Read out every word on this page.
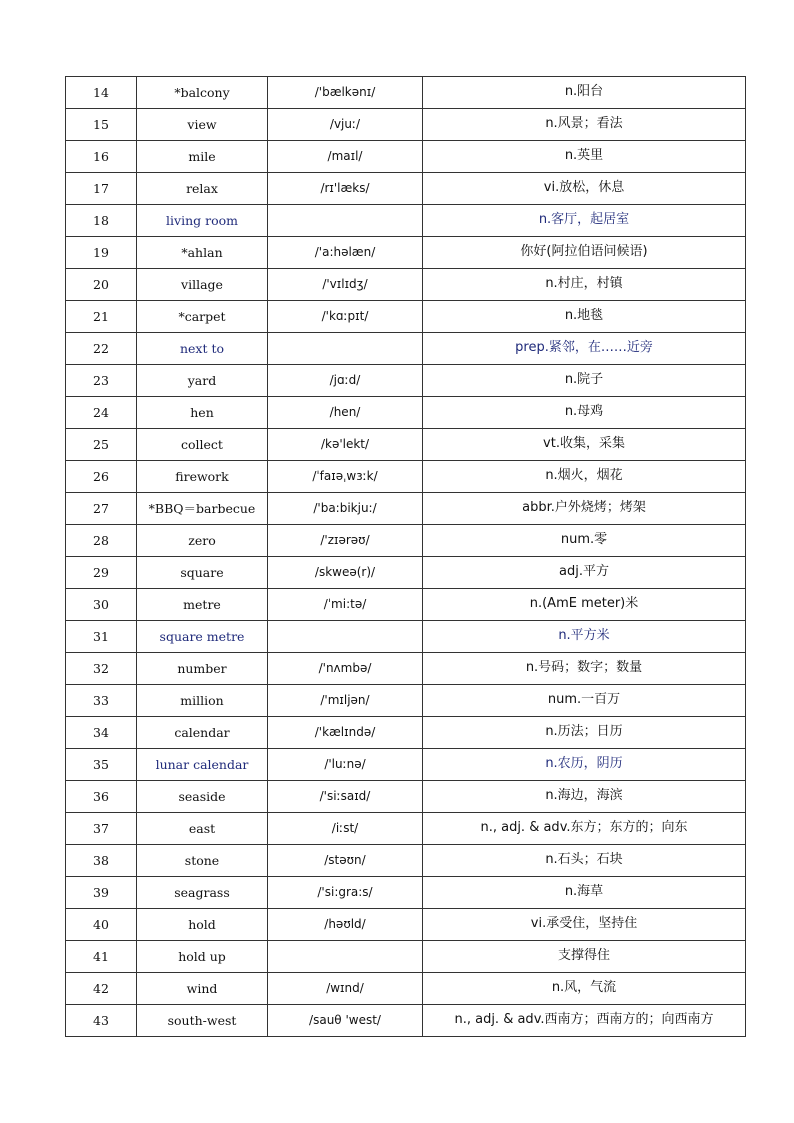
14	*balcony	/'bælkənɪ/	n.阳台
15	view	/vjuː/	n.风景；看法
16	mile	/maɪl/	n.英里
17	relax	/rɪ'læks/	vi.放松，休息
18	living room		n.客厅，起居室
19	*ahlan	/'a:həlæn/	你好(阿拉伯语问候语)
20	village	/'vɪlɪdʒ/	n.村庄，村镇
21	*carpet	/'kɑːpɪt/	n.地毯
22	next to		prep.紧邻，在……近旁
23	yard	/jɑːd/	n.院子
24	hen	/hen/	n.母鸡
25	collect	/kə'lekt/	vt.收集，采集
26	firework	/ˈfaɪəˌwɜːk/	n.烟火，烟花
27	*BBQ＝barbecue	/'ba:bikju:/	abbr.户外烧烤；烤架
28	zero	/'zɪərəʊ/	num.零
29	square	/skweə(r)/	adj.平方
30	metre	/ˈmi:tə/	n.(AmE meter)米
31	square metre		n.平方米
32	number	/'nʌmbə/	n.号码；数字；数量
33	million	/'mɪljən/	num.一百万
34	calendar	/'kælɪndə/	n.历法；日历
35	lunar calendar	/'luːnə/	n.农历，阴历
36	seaside	/'siːsaɪd/	n.海边，海滨
37	east	/iːst/	n., adj. & adv.东方；东方的；向东
38	stone	/stəʊn/	n.石头；石块
39	seagrass	/'si:gra:s/	n.海草
40	hold	/həʊld/	vi.承受住，坚持住
41	hold up		支撑得住
42	wind	/wɪnd/	n.风，气流
43	south-west	/sauθ 'west/	n., adj. & adv.西南方；西南方的；向西南方
